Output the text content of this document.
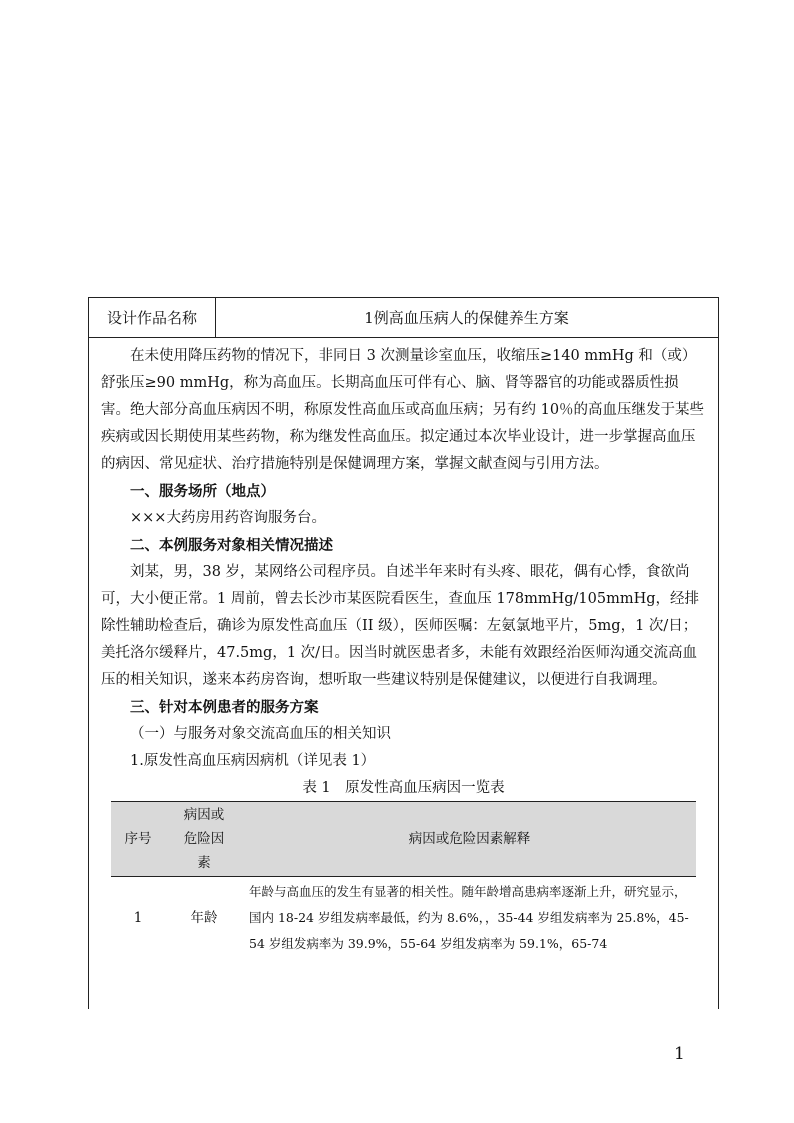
设计作品名称	1例高血压病人的保健养生方案

在未使用降压药物的情况下，非同日 3 次测量诊室血压，收缩压≥140 mmHg 和（或）舒张压≥90 mmHg，称为高血压。长期高血压可伴有心、脑、肾等器官的功能或器质性损害。绝大部分高血压病因不明，称原发性高血压或高血压病；另有约 10％的高血压继发于某些疾病或因长期使用某些药物，称为继发性高血压。拟定通过本次毕业设计，进一步掌握高血压的病因、常见症状、治疗措施特别是保健调理方案，掌握文献查阅与引用方法。

一、服务场所（地点）

×××大药房用药咨询服务台。

二、本例服务对象相关情况描述

刘某，男，38 岁，某网络公司程序员。自述半年来时有头疼、眼花，偶有心悸，食欲尚可，大小便正常。1 周前，曾去长沙市某医院看医生，查血压 178mmHg/105mmHg，经排除性辅助检查后，确诊为原发性高血压（II 级），医师医嘱：左氨氯地平片，5mg，1 次/日；美托洛尔缓释片，47.5mg，1 次/日。因当时就医患者多，未能有效跟经治医师沟通交流高血压的相关知识，遂来本药房咨询，想听取一些建议特别是保健建议，以便进行自我调理。

三、针对本例患者的服务方案

（一）与服务对象交流高血压的相关知识

1.原发性高血压病因病机（详见表 1）

表 1　原发性高血压病因一览表
序号	病因或危险因素	病因或危险因素解释
1	年龄	年龄与高血压的发生有显著的相关性。随年龄增高患病率逐渐上升，研究显示，国内 18-24 岁组发病率最低，约为 8.6%，，35-44 岁组发病率为 25.8%，45-54 岁组发病率为 39.9%，55-64 岁组发病率为 59.1%，65-74
1
